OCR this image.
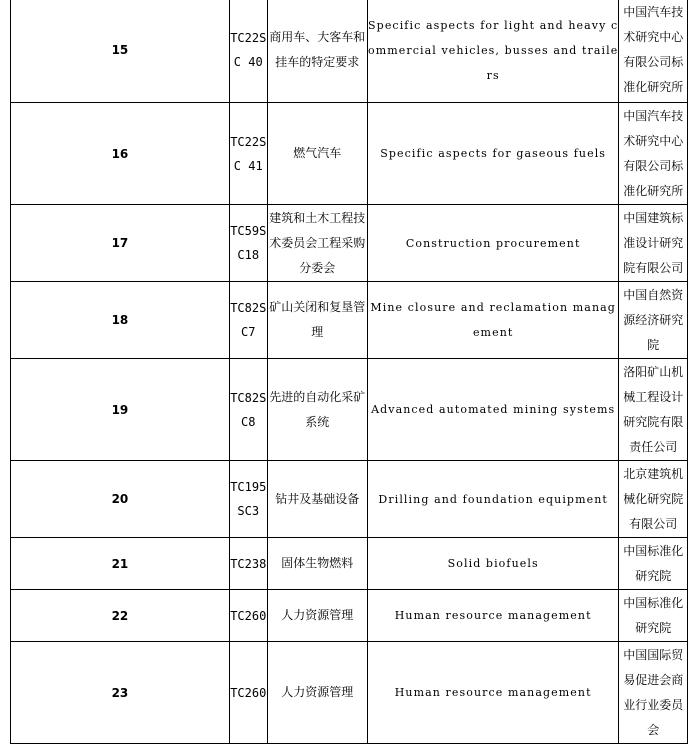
15	TC22SC 40	商用车、大客车和挂车的特定要求	Specific aspects for light and heavy commercial vehicles, busses and trailers	中国汽车技术研究中心有限公司标准化研究所
16	TC22SC 41	燃气汽车	Specific aspects for gaseous fuels	中国汽车技术研究中心有限公司标准化研究所
17	TC59SC18	建筑和土木工程技术委员会工程采购分委会	Construction procurement	中国建筑标准设计研究院有限公司
18	TC82SC7	矿山关闭和复垦管理	Mine closure and reclamation management	中国自然资源经济研究院
19	TC82SC8	先进的自动化采矿系统	Advanced automated mining systems	洛阳矿山机械工程设计研究院有限责任公司
20	TC195SC3	钻井及基础设备	Drilling and foundation equipment	北京建筑机械化研究院有限公司
21	TC238	固体生物燃料	Solid biofuels	中国标准化研究院
22	TC260	人力资源管理	Human resource management	中国标准化研究院
23	TC260	人力资源管理	Human resource management	中国国际贸易促进会商业行业委员会
